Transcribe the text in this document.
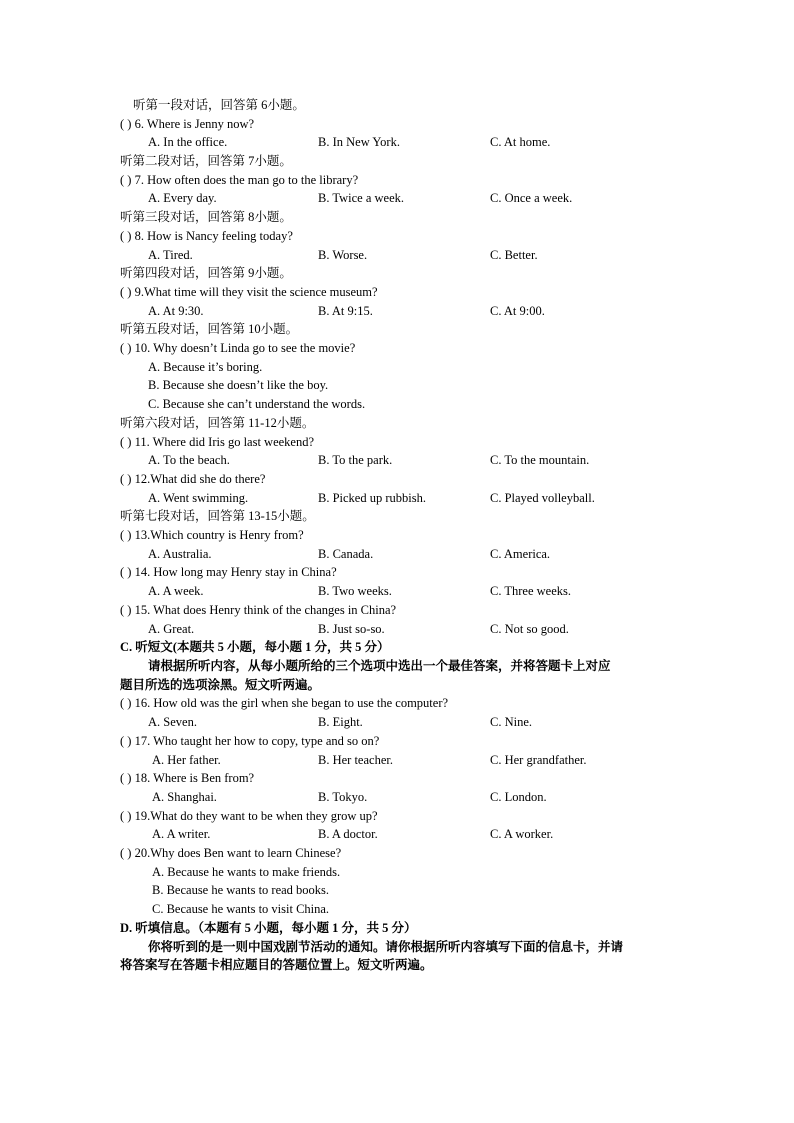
听第一段对话，回答第 6小题。
( ) 6. Where is Jenny now?
A. In the office.	B. In New York.	C. At home.
听第二段对话，回答第 7小题。
( ) 7. How often does the man go to the library?
A. Every day.	B. Twice a week.	C. Once a week.
听第三段对话，回答第 8小题。
( ) 8. How is Nancy feeling today?
A. Tired.	B. Worse.	C. Better.
听第四段对话，回答第 9小题。
( ) 9.What time will they visit the science museum?
A. At 9:30.	B. At 9:15.	C. At 9:00.
听第五段对话，回答第 10小题。
( ) 10. Why doesn’t Linda go to see the movie?
A. Because it’s boring.
B. Because she doesn’t like the boy.
C. Because she can’t understand the words.
听第六段对话，回答第 11-12小题。
( ) 11. Where did Iris go last weekend?
A. To the beach.	B. To the park.	C. To the mountain.
( ) 12.What did she do there?
A. Went swimming.	B. Picked up rubbish.	C. Played volleyball.
听第七段对话，回答第 13-15小题。
( ) 13.Which country is Henry from?
A. Australia.	B. Canada.	C. America.
( ) 14. How long may Henry stay in China?
A. A week.	B. Two weeks.	C. Three weeks.
( ) 15. What does Henry think of the changes in China?
A. Great.	B. Just so-so.	C. Not so good.
C. 听短文(本题共 5 小题，每小题 1 分，共 5 分）
请根据所听内容，从每小题所给的三个选项中选出一个最佳答案，并将答题卡上对应
题目所选的选项涂黑。短文听两遍。
( ) 16. How old was the girl when she began to use the computer?
A. Seven.	B. Eight.	C. Nine.
( ) 17. Who taught her how to copy, type and so on?
A. Her father.	B. Her teacher.	C. Her grandfather.
( ) 18. Where is Ben from?
A. Shanghai.	B. Tokyo.	C. London.
( ) 19.What do they want to be when they grow up?
A. A writer.	B. A doctor.	C. A worker.
( ) 20.Why does Ben want to learn Chinese?
A. Because he wants to make friends.
B. Because he wants to read books.
C. Because he wants to visit China.
D. 听填信息。（本题有 5 小题，每小题 1 分，共 5 分）
你将听到的是一则中国戏剧节活动的通知。请你根据所听内容填写下面的信息卡，并请
将答案写在答题卡相应题目的答题位置上。短文听两遍。
